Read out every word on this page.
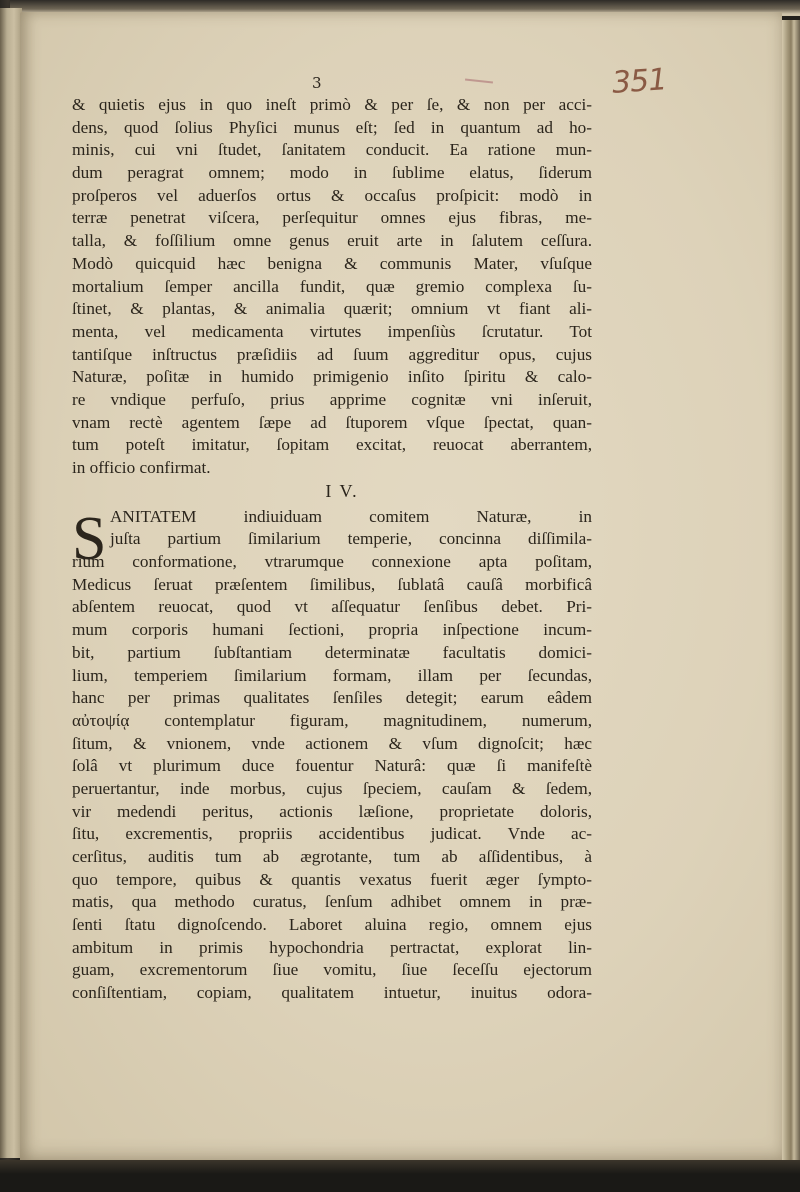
351
3
& quietis ejus in quo ineſt primò & per ſe, & non per acci-
dens, quod ſolius Phyſici munus eſt; ſed in quantum ad ho-
minis, cui vni ſtudet, ſanitatem conducit. Ea ratione mun-
dum peragrat omnem; modo in ſublime elatus, ſiderum
proſperos vel aduerſos ortus & occaſus proſpicit: modò in
terræ penetrat viſcera, perſequitur omnes ejus fibras, me-
talla, & foſſilium omne genus eruit arte in ſalutem ceſſura.
Modò quicquid hæc benigna & communis Mater, vſuſque
mortalium ſemper ancilla fundit, quæ gremio complexa ſu-
ſtinet, & plantas, & animalia quærit; omnium vt fiant ali-
menta, vel medicamenta virtutes impenſiùs ſcrutatur. Tot
tantiſque inſtructus præſidiis ad ſuum aggreditur opus, cujus
Naturæ, poſitæ in humido primigenio inſito ſpiritu & calo-
re vndique perfuſo, prius apprime cognitæ vni inſeruit,
vnam rectè agentem ſæpe ad ſtuporem vſque ſpectat, quan-
tum poteſt imitatur, ſopitam excitat, reuocat aberrantem,
in officio confirmat.
I V.
S ANITATEM indiuiduam comitem Naturæ, in
juſta partium ſimilarium temperie, concinna diſſimila-
rium conformatione, vtrarumque connexione apta poſitam,
Medicus ſeruat præſentem ſimilibus, ſublatâ cauſâ morbificâ
abſentem reuocat, quod vt aſſequatur ſenſibus debet. Pri-
mum corporis humani ſectioni, propria inſpectione incum-
bit, partium ſubſtantiam determinatæ facultatis domici-
lium, temperiem ſimilarium formam, illam per ſecundas,
hanc per primas qualitates ſenſiles detegit; earum eâdem
αὐτοψίᾳ contemplatur figuram, magnitudinem, numerum,
ſitum, & vnionem, vnde actionem & vſum dignoſcit; hæc
ſolâ vt plurimum duce fouentur Naturâ: quæ ſi manifeſtè
peruertantur, inde morbus, cujus ſpeciem, cauſam & ſedem,
vir medendi peritus, actionis læſione, proprietate doloris,
ſitu, excrementis, propriis accidentibus judicat. Vnde ac-
cerſitus, auditis tum ab ægrotante, tum ab aſſidentibus, à
quo tempore, quibus & quantis vexatus fuerit æger ſympto-
matis, qua methodo curatus, ſenſum adhibet omnem in præ-
ſenti ſtatu dignoſcendo. Laboret aluina regio, omnem ejus
ambitum in primis hypochondria pertractat, explorat lin-
guam, excrementorum ſiue vomitu, ſiue ſeceſſu ejectorum
conſiſtentiam, copiam, qualitatem intuetur, inuitus odora-
